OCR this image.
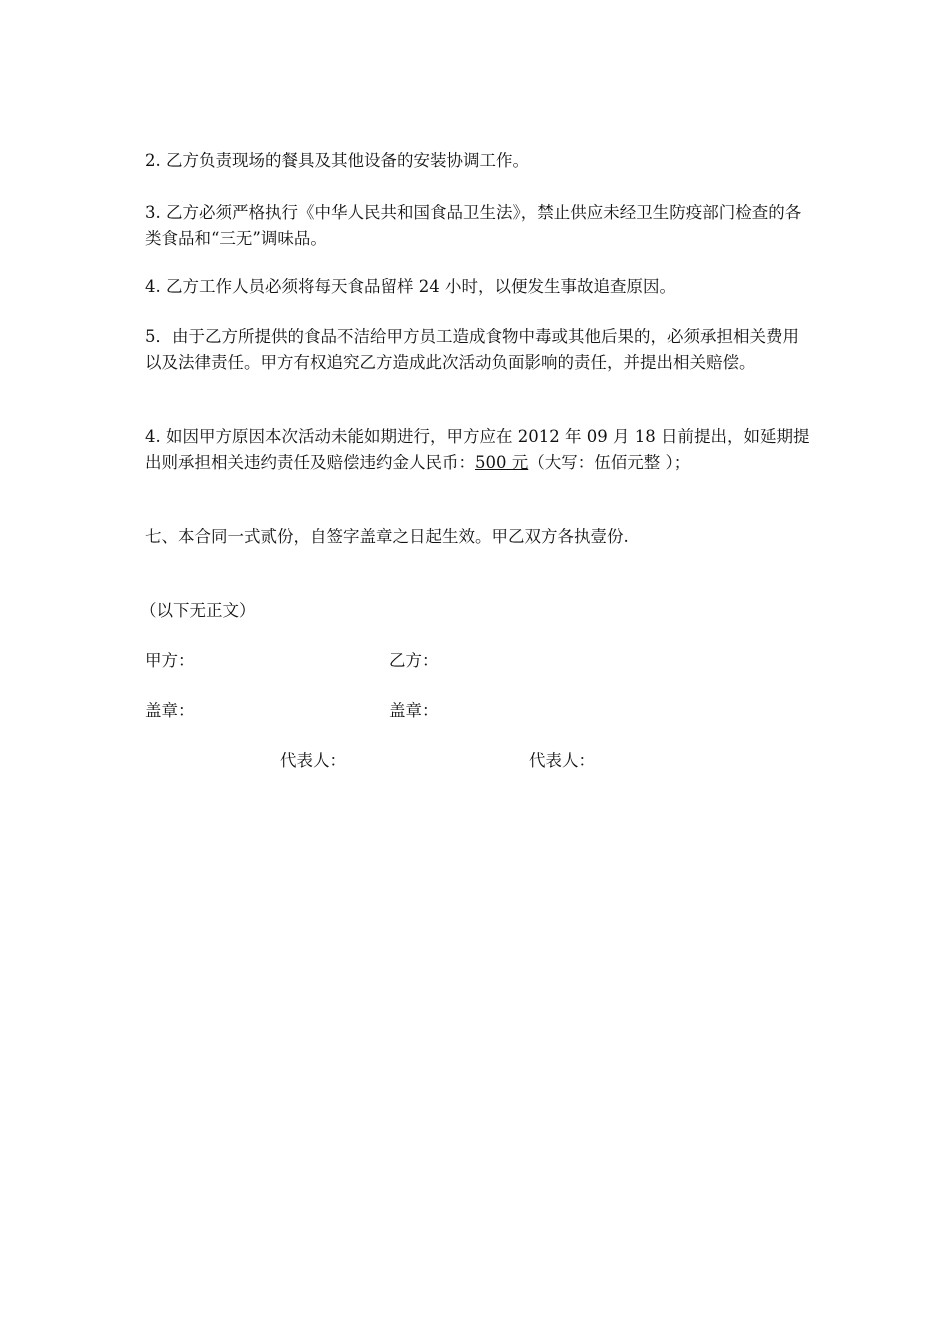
2. 乙方负责现场的餐具及其他设备的安装协调工作。

3. 乙方必须严格执行《中华人民共和国食品卫生法》，禁止供应未经卫生防疫部门检查的各类食品和“三无”调味品。

4. 乙方工作人员必须将每天食品留样 24 小时，以便发生事故追查原因。

5．由于乙方所提供的食品不洁给甲方员工造成食物中毒或其他后果的，必须承担相关费用以及法律责任。甲方有权追究乙方造成此次活动负面影响的责任，并提出相关赔偿。

4. 如因甲方原因本次活动未能如期进行，甲方应在 2012 年 09 月 18 日前提出，如延期提出则承担相关违约责任及赔偿违约金人民币：500 元（大写：伍佰元整 ）；

七、本合同一式贰份，自签字盖章之日起生效。甲乙双方各执壹份.

（以下无正文）
甲方：	乙方：
盖章：	盖章：
代表人：	代表人：
